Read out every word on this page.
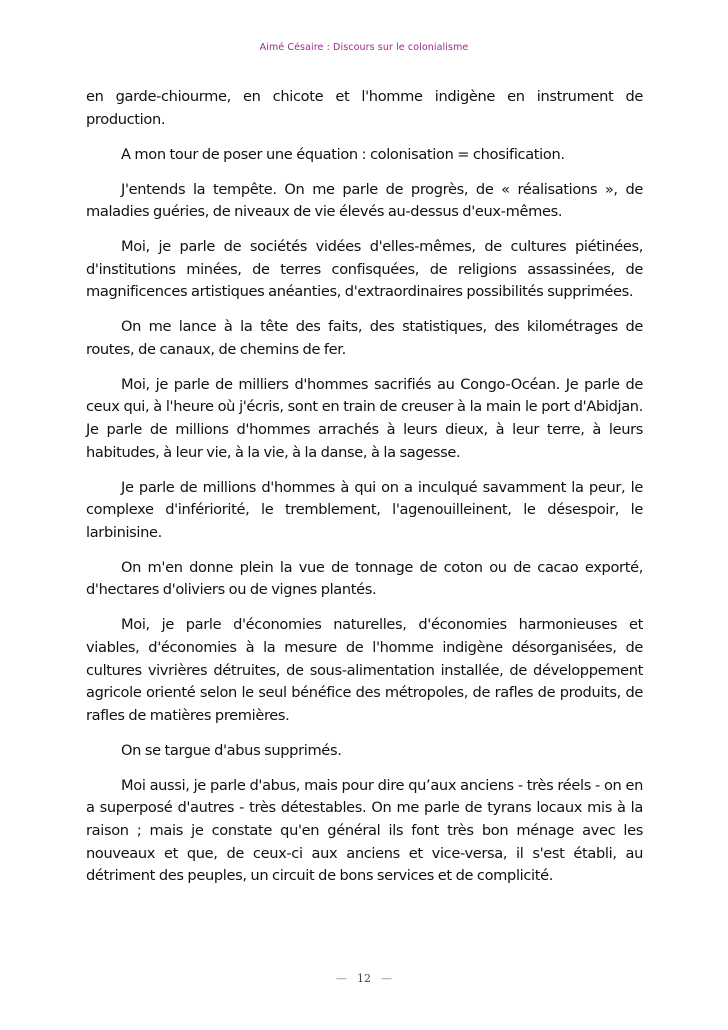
Aimé Césaire : Discours sur le colonialisme

en garde-chiourme, en chicote et l'homme indigène en instrument de production.

A mon tour de poser une équation : colonisation = chosification.

J'entends la tempête. On me parle de progrès, de « réalisations », de maladies guéries, de niveaux de vie élevés au-dessus d'eux-mêmes.

Moi, je parle de sociétés vidées d'elles-mêmes, de cultures piétinées, d'institutions minées, de terres confisquées, de religions assassinées, de magnificences artistiques anéanties, d'extraordinaires possibilités supprimées.

On me lance à la tête des faits, des statistiques, des kilométrages de routes, de canaux, de chemins de fer.

Moi, je parle de milliers d'hommes sacrifiés au Congo-Océan. Je parle de ceux qui, à l'heure où j'écris, sont en train de creuser à la main le port d'Abidjan. Je parle de millions d'hommes arrachés à leurs dieux, à leur terre, à leurs habitudes, à leur vie, à la vie, à la danse, à la sagesse.

Je parle de millions d'hommes à qui on a inculqué savamment la peur, le complexe d'infériorité, le tremblement, l'agenouilleinent, le désespoir, le larbinisine.

On m'en donne plein la vue de tonnage de coton ou de cacao exporté, d'hectares d'oliviers ou de vignes plantés.

Moi, je parle d'économies naturelles, d'économies harmonieuses et viables, d'économies à la mesure de l'homme indigène désorganisées, de cultures vivrières détruites, de sous-alimentation installée, de développement agricole orienté selon le seul bénéfice des métropoles, de rafles de produits, de rafles de matières premières.

On se targue d'abus supprimés.

Moi aussi, je parle d'abus, mais pour dire qu’aux anciens - très réels - on en a superposé d'autres - très détestables. On me parle de tyrans locaux mis à la raison ; mais je constate qu'en général ils font très bon ménage avec les nouveaux et que, de ceux-ci aux anciens et vice-versa, il s'est établi, au détriment des peuples, un circuit de bons services et de complicité.

— 12 —
